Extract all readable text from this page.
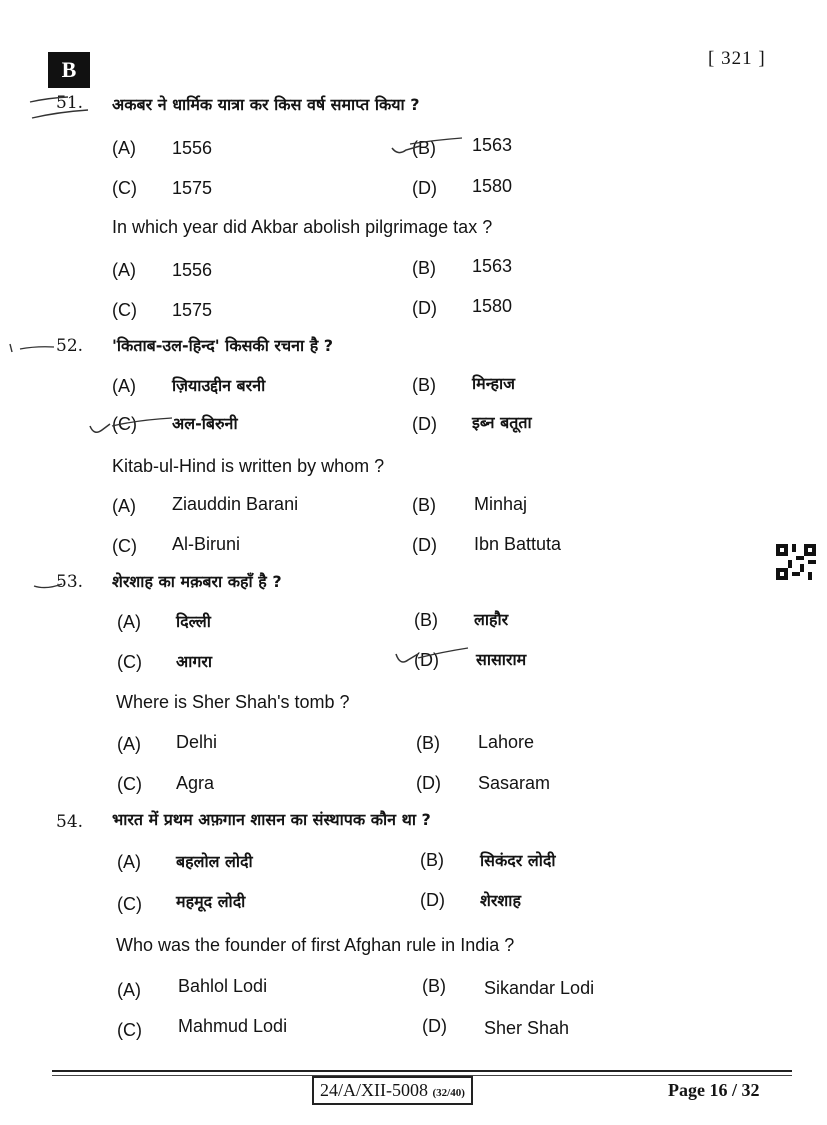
B	[ 321 ]
51. अकबर ने धार्मिक यात्रा कर किस वर्ष समाप्त किया ?
(A) 1556	(B) 1563
(C) 1575	(D) 1580
In which year did Akbar abolish pilgrimage tax ?
(A) 1556	(B) 1563
(C) 1575	(D) 1580
52. 'किताब-उल-हिन्द' किसकी रचना है ?
(A) ज़ियाउद्दीन बरनी	(B) मिन्हाज
(C) अल-बिरुनी	(D) इब्न बतूता
Kitab-ul-Hind is written by whom ?
(A) Ziauddin Barani	(B) Minhaj
(C) Al-Biruni	(D) Ibn Battuta
53. शेरशाह का मक़बरा कहाँ है ?
(A) दिल्ली	(B) लाहौर
(C) आगरा	(D) सासाराम
Where is Sher Shah's tomb ?
(A) Delhi	(B) Lahore
(C) Agra	(D) Sasaram
54. भारत में प्रथम अफ़गान शासन का संस्थापक कौन था ?
(A) बहलोल लोदी	(B) सिकंदर लोदी
(C) महमूद लोदी	(D) शेरशाह
Who was the founder of first Afghan rule in India ?
(A) Bahlol Lodi	(B) Sikandar Lodi
(C) Mahmud Lodi	(D) Sher Shah
24/A/XII-5008 (32/40)	Page 16 / 32
